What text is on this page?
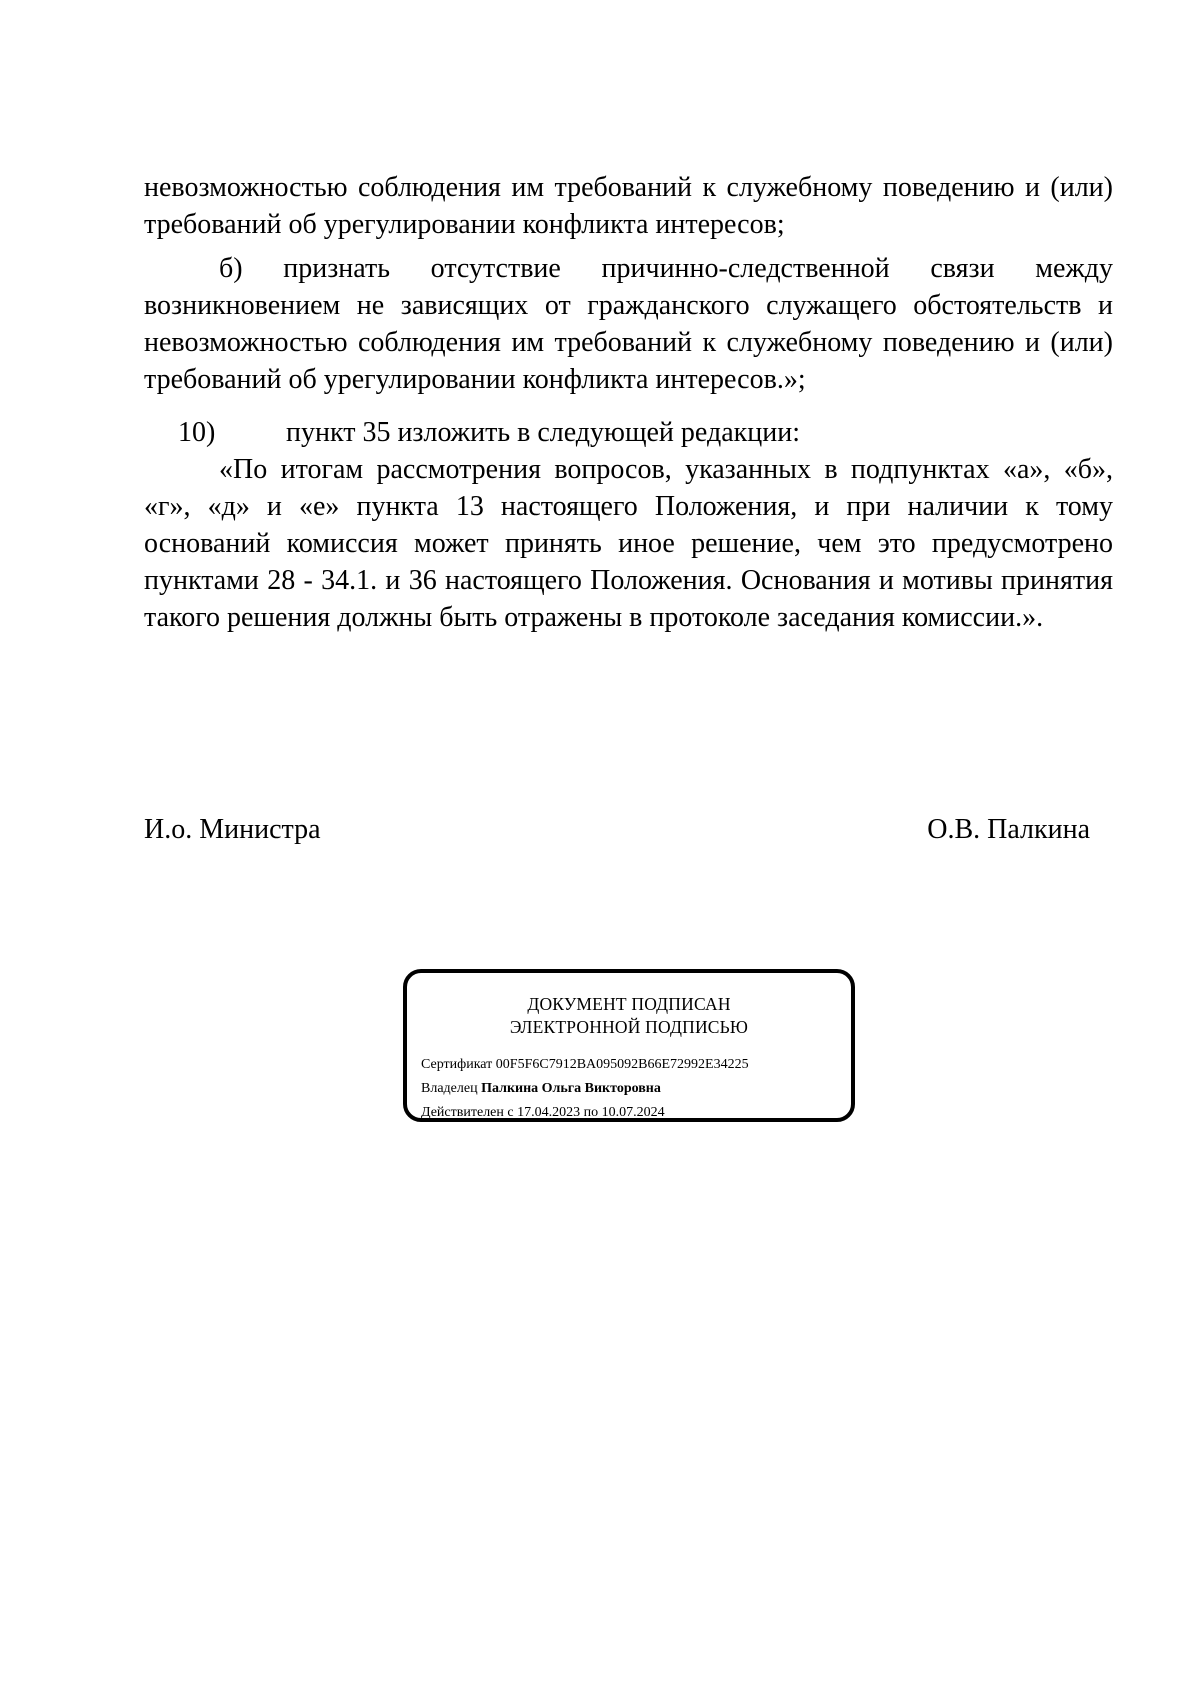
невозможностью соблюдения им требований к служебному поведению и (или) требований об урегулировании конфликта интересов;
б) признать отсутствие причинно-следственной связи между возникновением не зависящих от гражданского служащего обстоятельств и невозможностью соблюдения им требований к служебному поведению и (или) требований об урегулировании конфликта интересов.»;
10)	пункт 35 изложить в следующей редакции:
«По итогам рассмотрения вопросов, указанных в подпунктах «а», «б», «г», «д» и «е» пункта 13 настоящего Положения, и при наличии к тому оснований комиссия может принять иное решение, чем это предусмотрено пунктами 28 - 34.1. и 36 настоящего Положения. Основания и мотивы принятия такого решения должны быть отражены в протоколе заседания комиссии.».
И.о. Министра	О.В. Палкина
ДОКУМЕНТ ПОДПИСАН
ЭЛЕКТРОННОЙ ПОДПИСЬЮ
Сертификат 00F5F6C7912BA095092B66E72992E34225
Владелец Палкина Ольга Викторовна
Действителен с 17.04.2023 по 10.07.2024
